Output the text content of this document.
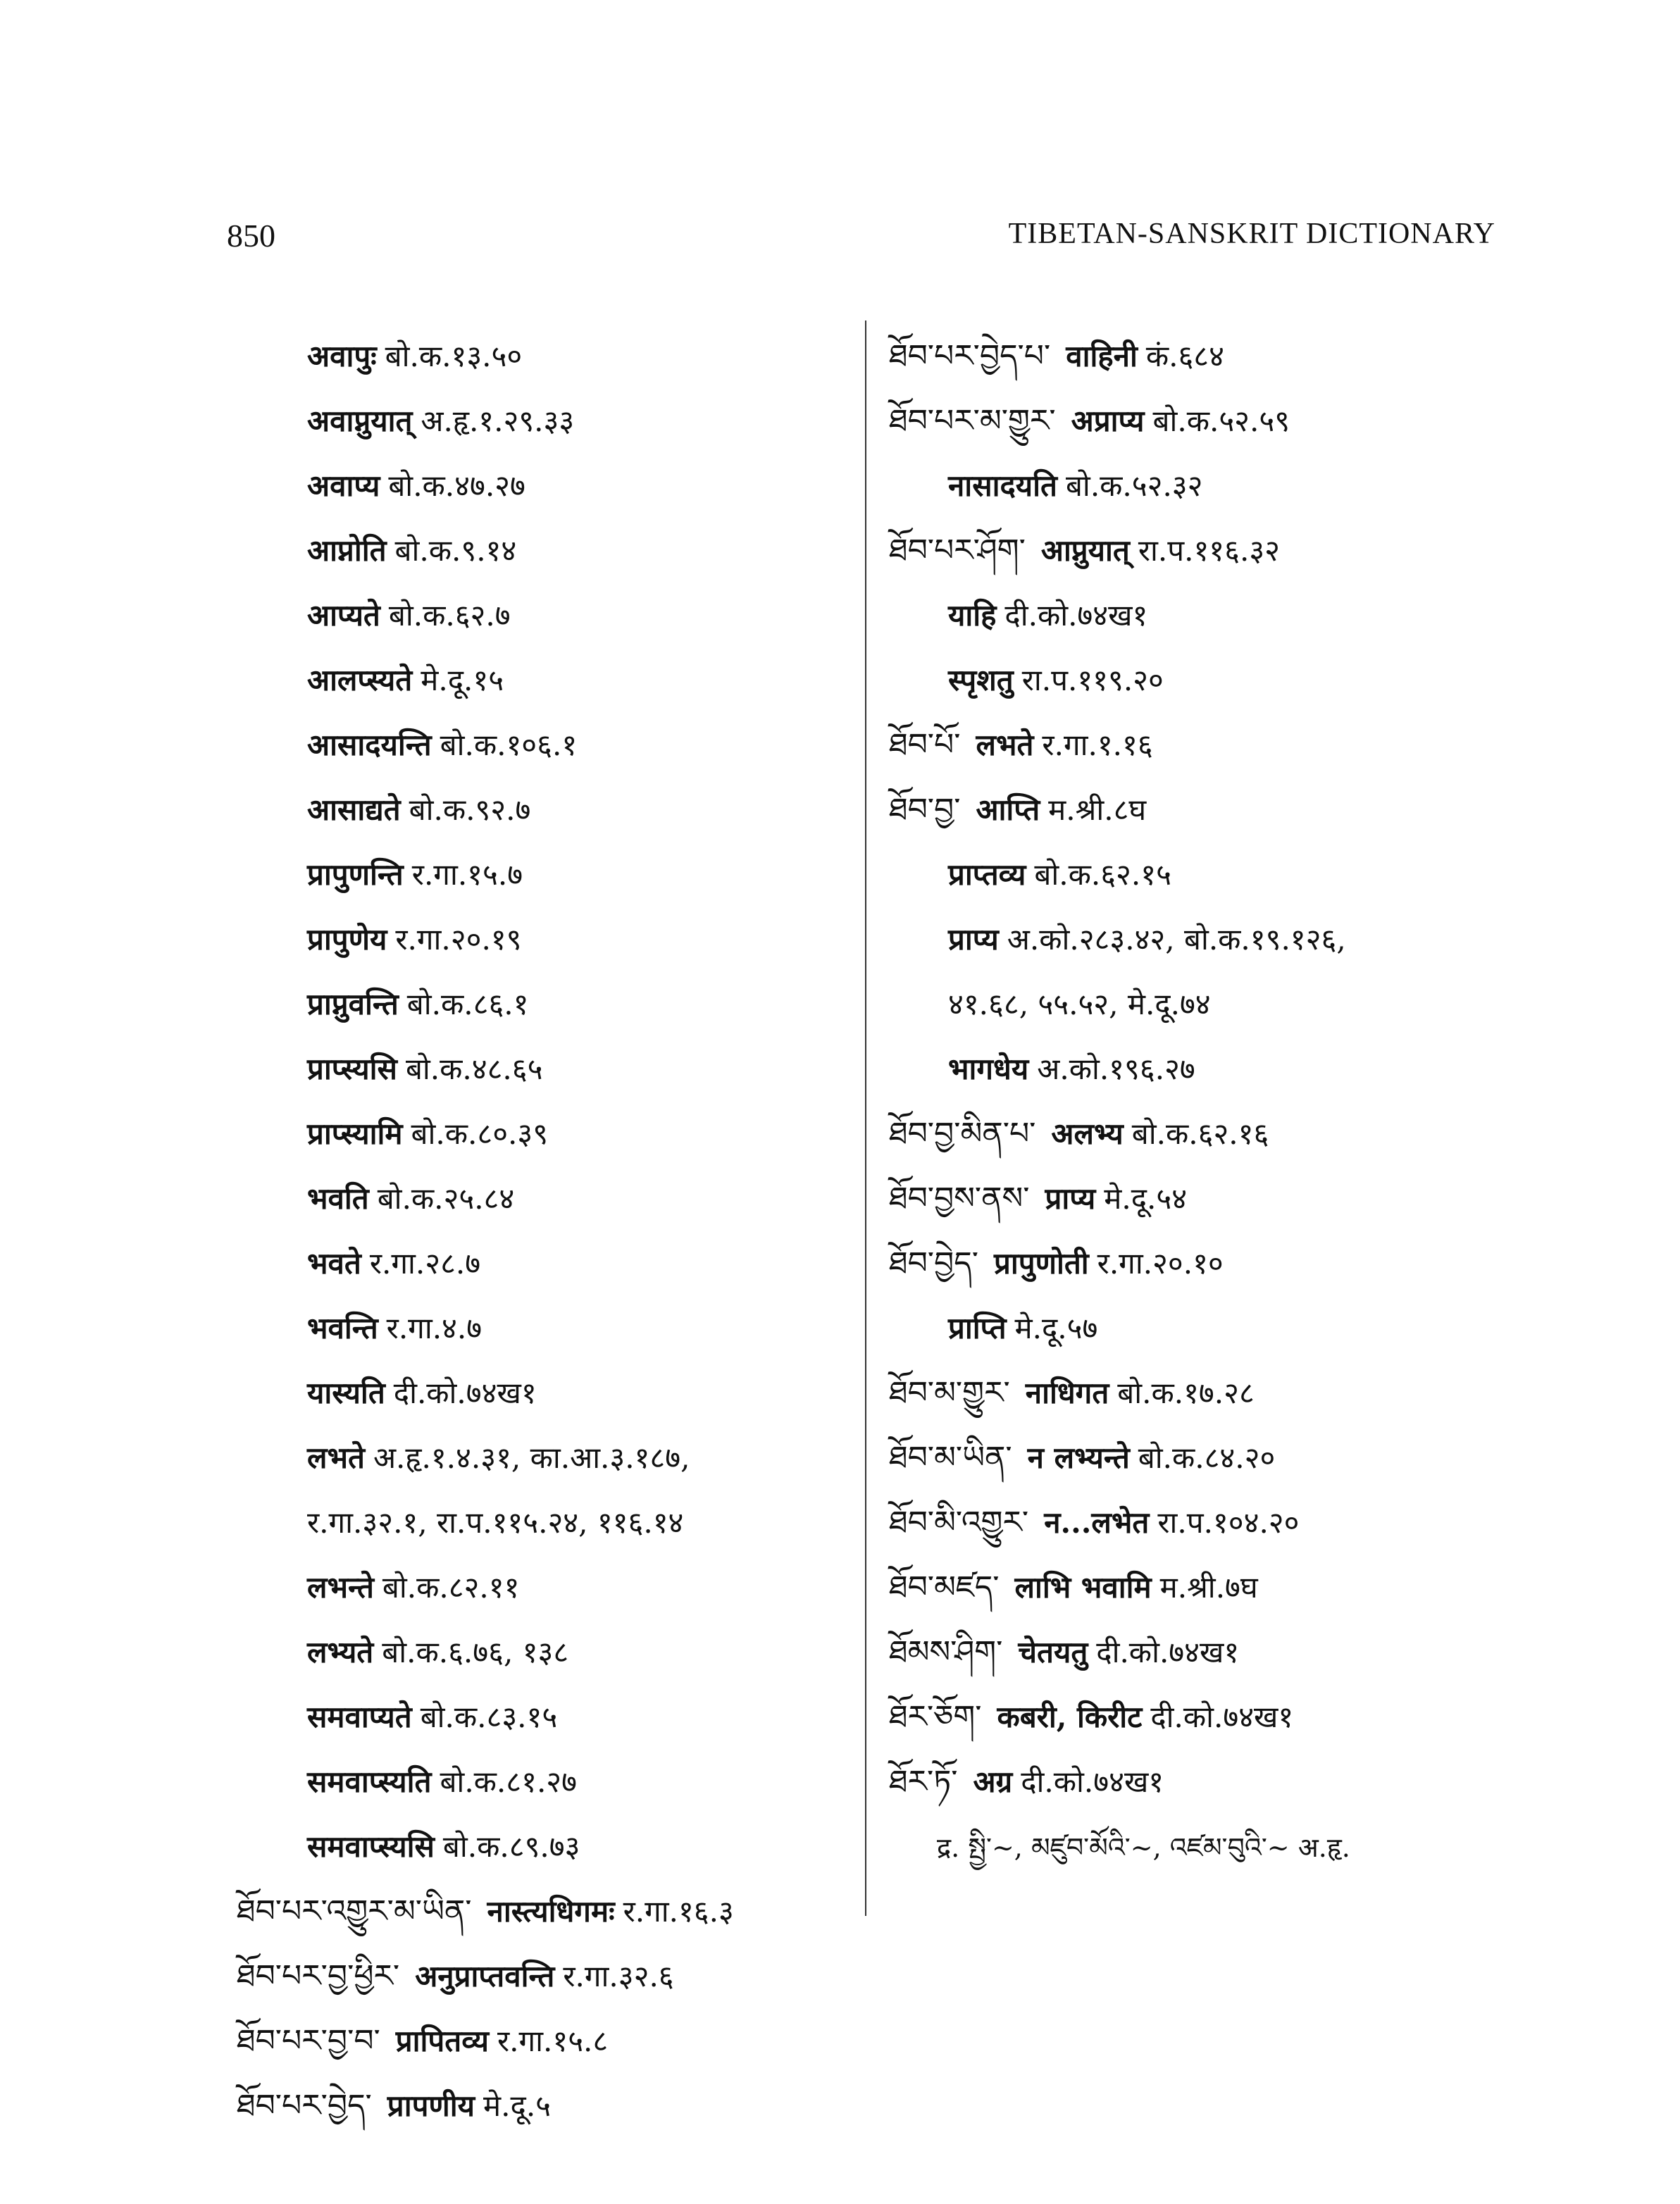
850	TIBETAN-SANSKRIT DICTIONARY
अवापुः बो.क.१३.५०
अवाप्नुयात् अ.हृ.१.२९.३३
अवाप्य बो.क.४७.२७
आप्नोति बो.क.९.१४
आप्यते बो.क.६२.७
आलप्स्यते मे.दू.१५
आसादयन्ति बो.क.१०६.१
आसाद्यते बो.क.९२.७
प्रापुणन्ति र.गा.१५.७
प्रापुणेय र.गा.२०.१९
प्राप्नुवन्ति बो.क.८६.१
प्राप्स्यसि बो.क.४८.६५
प्राप्स्यामि बो.क.८०.३९
भवति बो.क.२५.८४
भवते र.गा.२८.७
भवन्ति र.गा.४.७
यास्यति दी.को.७४ख१
लभते अ.हृ.१.४.३१, का.आ.३.१८७,
र.गा.३२.१, रा.प.११५.२४, ११६.१४
लभन्ते बो.क.८२.११
लभ्यते बो.क.६.७६, १३८
समवाप्यते बो.क.८३.१५
समवाप्स्यति बो.क.८१.२७
समवाप्स्यसि बो.क.८९.७३
ཐོབ་པར་འགྱུར་མ་ཡིན་ नास्त्यधिगमः र.गा.१६.३
ཐོབ་པར་བྱ་ཕྱིར་ अनुप्राप्तवन्ति र.गा.३२.६
ཐོབ་པར་བྱ་བ་ प्रापितव्य र.गा.१५.८
ཐོབ་པར་བྱེད་ प्रापणीय मे.दू.५
ཐོབ་པར་བྱེད་པ་ वाहिनी कं.६८४
ཐོབ་པར་མ་གྱུར་ अप्राप्य बो.क.५२.५९
नासादयति बो.क.५२.३२
ཐོབ་པར་ཤོག་ आप्नुयात् रा.प.११६.३२
याहि दी.को.७४ख१
स्पृशतु रा.प.११९.२०
ཐོབ་པོ་ लभते र.गा.१.१६
ཐོབ་བྱ་ आप्ति म.श्री.८घ
प्राप्तव्य बो.क.६२.१५
प्राप्य अ.को.२८३.४२, बो.क.१९.१२६,
४१.६८, ५५.५२, मे.दू.७४
भागधेय अ.को.१९६.२७
ཐོབ་བྱ་མིན་པ་ अलभ्य बो.क.६२.१६
ཐོབ་བྱས་ནས་ प्राप्य मे.दू.५४
ཐོབ་བྱེད་ प्रापुणोती र.गा.२०.१०
प्राप्ति मे.दू.५७
ཐོབ་མ་གྱུར་ नाधिगत बो.क.१७.२८
ཐོབ་མ་ཡིན་ न लभ्यन्ते बो.क.८४.२०
ཐོབ་མི་འགྱུར་ न...लभेत रा.प.१०४.२०
ཐོབ་མཛད་ लाभि भवामि म.श्री.७घ
ཐོམས་ཤིག་ चेतयतु दी.को.७४ख१
ཐོར་ཅོག་ कबरी, किरीट दी.को.७४ख१
ཐོར་ཏོ་ अग्र दी.को.७४ख१
द्र. སྤྱི་~, མཛུབ་མོའི་~, འཛམ་བུའི་~ अ.हृ.
